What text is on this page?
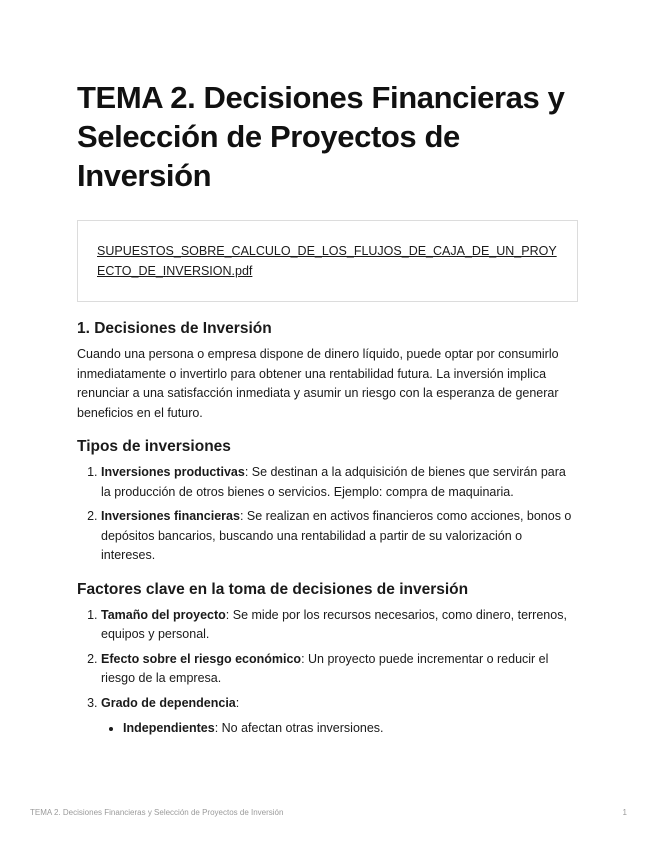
TEMA 2. Decisiones Financieras y Selección de Proyectos de Inversión
SUPUESTOS_SOBRE_CALCULO_DE_LOS_FLUJOS_DE_CAJA_DE_UN_PROYECTO_DE_INVERSION.pdf
1. Decisiones de Inversión

Cuando una persona o empresa dispone de dinero líquido, puede optar por consumirlo inmediatamente o invertirlo para obtener una rentabilidad futura. La inversión implica renunciar a una satisfacción inmediata y asumir un riesgo con la esperanza de generar beneficios en el futuro.

Tipos de inversiones
1. Inversiones productivas: Se destinan a la adquisición de bienes que servirán para la producción de otros bienes o servicios. Ejemplo: compra de maquinaria.
2. Inversiones financieras: Se realizan en activos financieros como acciones, bonos o depósitos bancarios, buscando una rentabilidad a partir de su valorización o intereses.
Factores clave en la toma de decisiones de inversión
1. Tamaño del proyecto: Se mide por los recursos necesarios, como dinero, terrenos, equipos y personal.
2. Efecto sobre el riesgo económico: Un proyecto puede incrementar o reducir el riesgo de la empresa.
3. Grado de dependencia:
• Independientes: No afectan otras inversiones.
TEMA 2. Decisiones Financieras y Selección de Proyectos de Inversión	1
